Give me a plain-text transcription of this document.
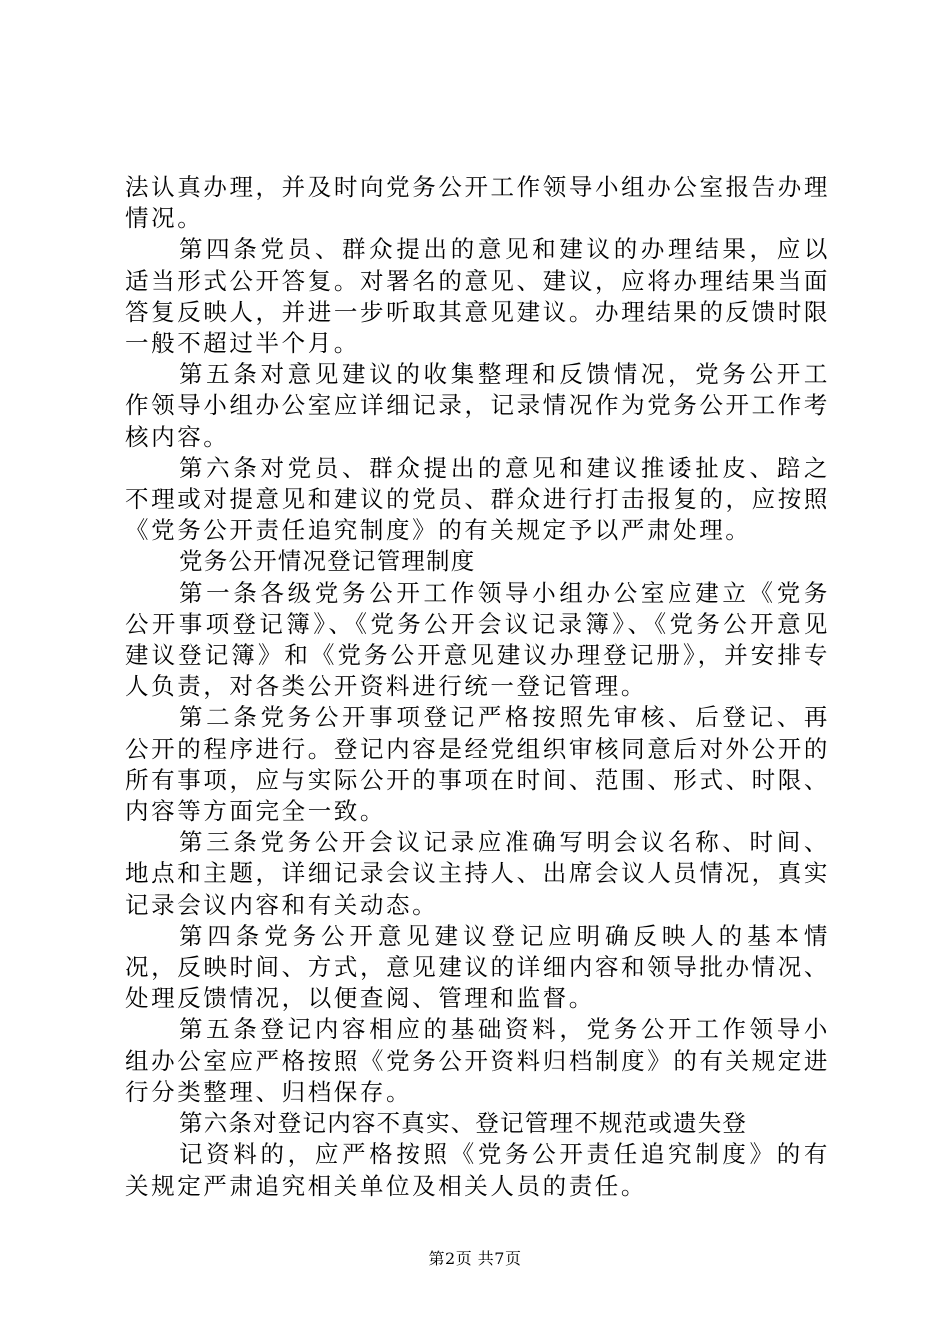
法认真办理，并及时向党务公开工作领导小组办公室报告办理情况。

第四条党员、群众提出的意见和建议的办理结果，应以适当形式公开答复。对署名的意见、建议，应将办理结果当面答复反映人，并进一步听取其意见建议。办理结果的反馈时限一般不超过半个月。

第五条对意见建议的收集整理和反馈情况，党务公开工作领导小组办公室应详细记录，记录情况作为党务公开工作考核内容。

第六条对党员、群众提出的意见和建议推诿扯皮、踣之不理或对提意见和建议的党员、群众进行打击报复的，应按照《党务公开责任追究制度》的有关规定予以严肃处理。

党务公开情况登记管理制度

第一条各级党务公开工作领导小组办公室应建立《党务公开事项登记簿》、《党务公开会议记录簿》、《党务公开意见建议登记簿》和《党务公开意见建议办理登记册》，并安排专人负责，对各类公开资料进行统一登记管理。

第二条党务公开事项登记严格按照先审核、后登记、再公开的程序进行。登记内容是经党组织审核同意后对外公开的所有事项，应与实际公开的事项在时间、范围、形式、时限、内容等方面完全一致。

第三条党务公开会议记录应准确写明会议名称、时间、地点和主题，详细记录会议主持人、出席会议人员情况，真实记录会议内容和有关动态。

第四条党务公开意见建议登记应明确反映人的基本情况，反映时间、方式，意见建议的详细内容和领导批办情况、处理反馈情况，以便查阅、管理和监督。

第五条登记内容相应的基础资料，党务公开工作领导小组办公室应严格按照《党务公开资料归档制度》的有关规定进行分类整理、归档保存。

第六条对登记内容不真实、登记管理不规范或遗失登

记资料的，应严格按照《党务公开责任追究制度》的有关规定严肃追究相关单位及相关人员的责任。

第2页 共7页
